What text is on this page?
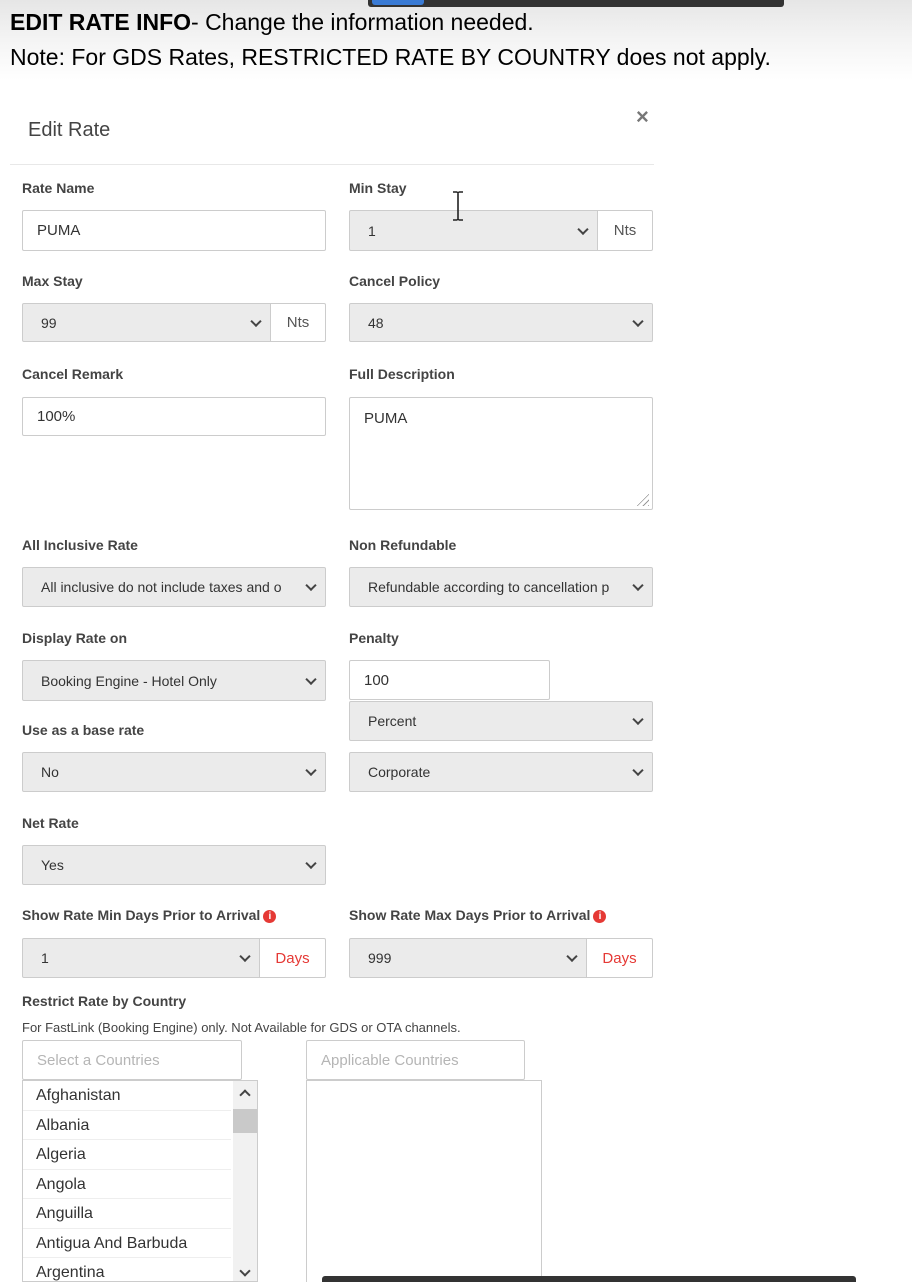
EDIT RATE INFO- Change the information needed.
Note: For GDS Rates, RESTRICTED RATE BY COUNTRY does not apply.
Edit Rate
×
Rate Name
PUMA
Min Stay
1	Nts
Max Stay
99	Nts
Cancel Policy
48
Cancel Remark
100%
Full Description
PUMA
All Inclusive Rate
All inclusive do not include taxes and o
Non Refundable
Refundable according to cancellation p
Display Rate on
Booking Engine - Hotel Only
Penalty
100
Percent
Use as a base rate
No	Corporate
Net Rate
Yes
Show Rate Min Days Prior to Arrival i
1	Days
Show Rate Max Days Prior to Arrival i
999	Days
Restrict Rate by Country
For FastLink (Booking Engine) only. Not Available for GDS or OTA channels.
Select a Countries	Applicable Countries
Afghanistan
Albania
Algeria
Angola
Anguilla
Antigua And Barbuda
Argentina
